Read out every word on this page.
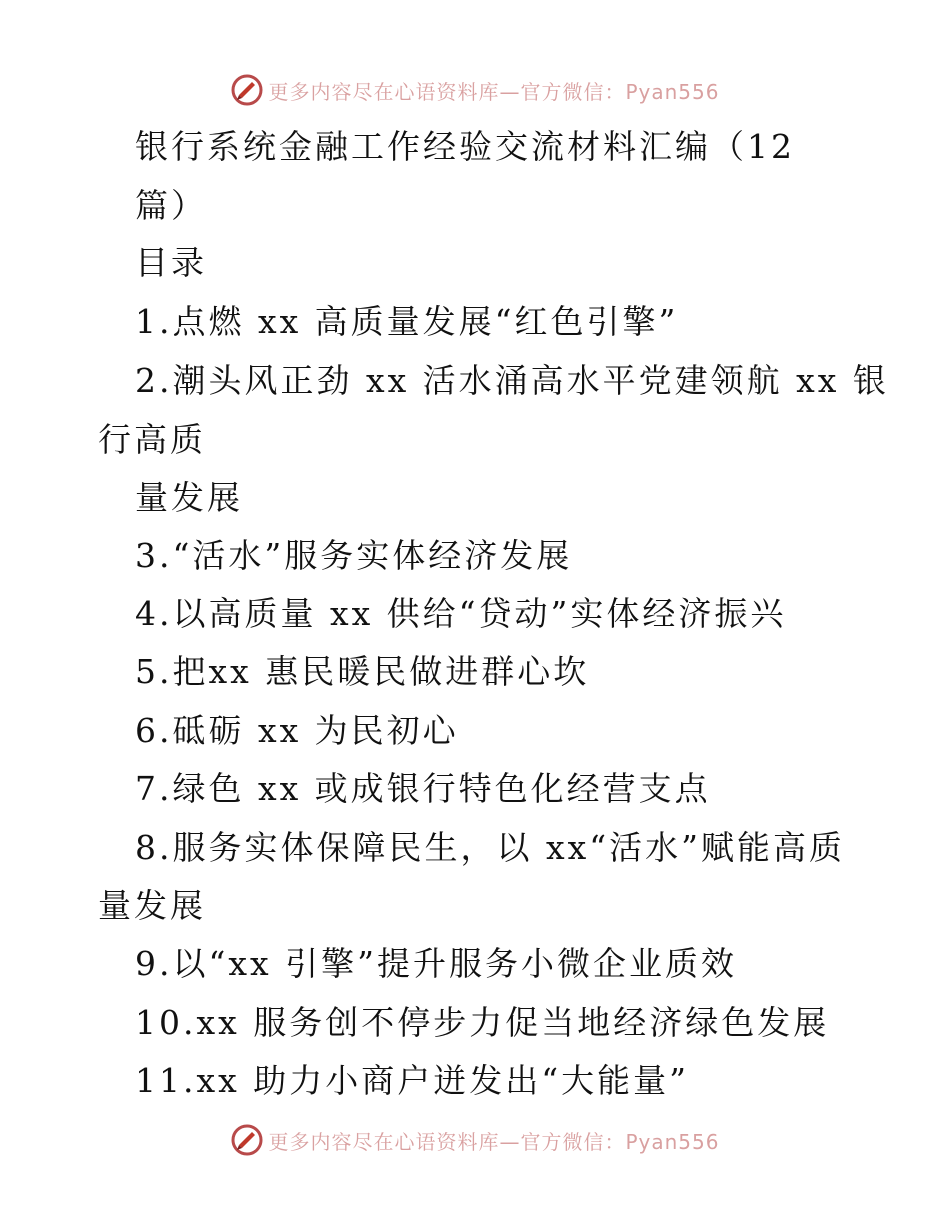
更多内容尽在心语资料库—官方微信：Pyan556
银行系统金融工作经验交流材料汇编（12
篇）
目录
1.点燃 xx 高质量发展“红色引擎”
2.潮头风正劲 xx 活水涌高水平党建领航 xx 银
行高质
量发展
3.“活水”服务实体经济发展
4.以高质量 xx 供给“贷动”实体经济振兴
5.把xx 惠民暖民做进群心坎
6.砥砺 xx 为民初心
7.绿色 xx 或成银行特色化经营支点
8.服务实体保障民生，以 xx“活水”赋能高质
量发展
9.以“xx 引擎”提升服务小微企业质效
10.xx 服务创不停步力促当地经济绿色发展
11.xx 助力小商户迸发出“大能量”
更多内容尽在心语资料库—官方微信：Pyan556
